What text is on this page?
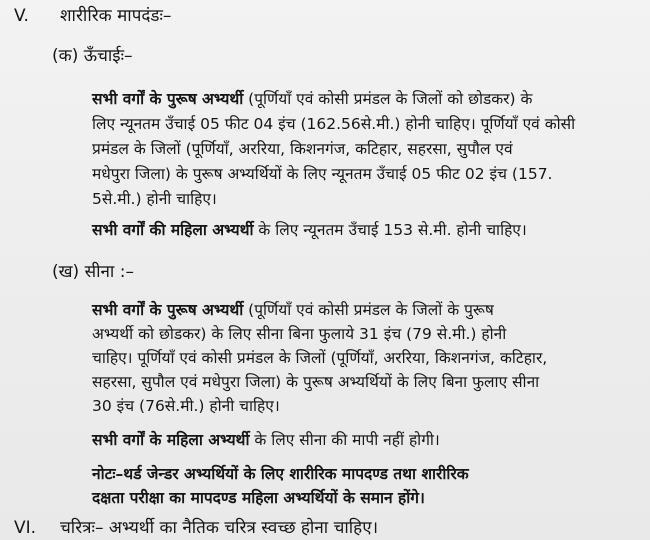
V. शारीरिक मापदंडः–
(क) ऊँचाईः–
सभी वर्गों के पुरूष अभ्यर्थी (पूर्णियाँ एवं कोसी प्रमंडल के जिलों को छोडकर) के
लिए न्यूनतम उँचाई 05 फीट 04 इंच (162.56से.मी.) होनी चाहिए। पूर्णियाँ एवं कोसी
प्रमंडल के जिलों (पूर्णियाँ, अररिया, किशनगंज, कटिहार, सहरसा, सुपौल एवं
मधेपुरा जिला) के पुरूष अभ्यर्थियों के लिए न्यूनतम उँचाई 05 फीट 02 इंच (157.
5से.मी.) होनी चाहिए।
सभी वर्गों की महिला अभ्यर्थी के लिए न्यूनतम उँचाई 153 से.मी. होनी चाहिए।
(ख) सीना :–
सभी वर्गों के पुरूष अभ्यर्थी (पूर्णियाँ एवं कोसी प्रमंडल के जिलों के पुरूष
अभ्यर्थी को छोडकर) के लिए सीना बिना फुलाये 31 इंच (79 से.मी.) होनी
चाहिए। पूर्णियाँ एवं कोसी प्रमंडल के जिलों (पूर्णियाँ, अररिया, किशनगंज, कटिहार,
सहरसा, सुपौल एवं मधेपुरा जिला) के पुरूष अभ्यर्थियों के लिए बिना फुलाए सीना
30 इंच (76से.मी.) होनी चाहिए।
सभी वर्गों के महिला अभ्यर्थी के लिए सीना की मापी नहीं होगी।
नोटः–थर्ड जेन्डर अभ्यर्थियों के लिए शारीरिक मापदण्ड तथा शारीरिक
दक्षता परीक्षा का मापदण्ड महिला अभ्यर्थियों के समान होंगे।
VI. चरित्रः– अभ्यर्थी का नैतिक चरित्र स्वच्छ होना चाहिए।
